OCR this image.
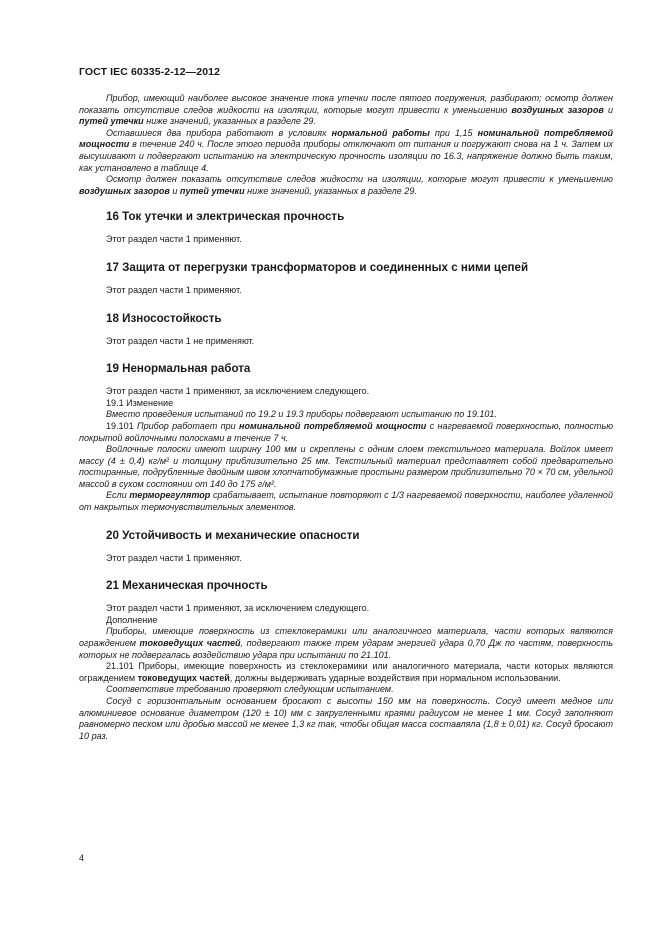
ГОСТ IEC 60335-2-12—2012

Прибор, имеющий наиболее высокое значение тока утечки после пятого погружения, разбирают; осмотр должен показать отсутствие следов жидкости на изоляции, которые могут привести к уменьшению воздушных зазоров и путей утечки ниже значений, указанных в разделе 29.

Оставшиеся два прибора работают в условиях нормальной работы при 1,15 номинальной потребляемой мощности в течение 240 ч. После этого периода приборы отключают от питания и погружают снова на 1 ч. Затем их высушивают и подвергают испытанию на электрическую прочность изоляции по 16.3, напряжение должно быть таким, как установлено в таблице 4.

Осмотр должен показать отсутствие следов жидкости на изоляции, которые могут привести к уменьшению воздушных зазоров и путей утечки ниже значений, указанных в разделе 29.

16 Ток утечки и электрическая прочность

Этот раздел части 1 применяют.

17 Защита от перегрузки трансформаторов и соединенных с ними цепей

Этот раздел части 1 применяют.

18 Износостойкость

Этот раздел части 1 не применяют.

19 Ненормальная работа

Этот раздел части 1 применяют, за исключением следующего.

19.1 Изменение

Вместо проведения испытаний по 19.2 и 19.3 приборы подвергают испытанию по 19.101.

19.101 Прибор работает при номинальной потребляемой мощности с нагреваемой поверхностью, полностью покрытой войлочными полосками в течение 7 ч.

Войлочные полоски имеют ширину 100 мм и скреплены с одним слоем текстильного материала. Войлок имеет массу (4 ± 0,4) кг/м² и толщину приблизительно 25 мм. Текстильный материал представляет собой предварительно постиранные, подрубленные двойным швом хлопчатобумажные простыни размером приблизительно 70 × 70 см, удельной массой в сухом состоянии от 140 до 175 г/м².

Если терморегулятор срабатывает, испытание повторяют с 1/3 нагреваемой поверхности, наиболее удаленной от накрытых термочувствительных элементов.

20 Устойчивость и механические опасности

Этот раздел части 1 применяют.

21 Механическая прочность

Этот раздел части 1 применяют, за исключением следующего.

Дополнение

Приборы, имеющие поверхность из стеклокерамики или аналогичного материала, части которых являются ограждением токоведущих частей, подвергают также трем ударам энергией удара 0,70 Дж по частям, поверхность которых не подвергалась воздействию удара при испытании по 21.101.

21.101 Приборы, имеющие поверхность из стеклокерамики или аналогичного материала, части которых являются ограждением токоведущих частей, должны выдерживать ударные воздействия при нормальном использовании.

Соответствие требованию проверяют следующим испытанием.

Сосуд с горизонтальным основанием бросают с высоты 150 мм на поверхность. Сосуд имеет медное или алюминиевое основание диаметром (120 ± 10) мм с закругленными краями радиусом не менее 1 мм. Сосуд заполняют равномерно песком или дробью массой не менее 1,3 кг так, чтобы общая масса составляла (1,8 ± 0,01) кг. Сосуд бросают 10 раз.

4
